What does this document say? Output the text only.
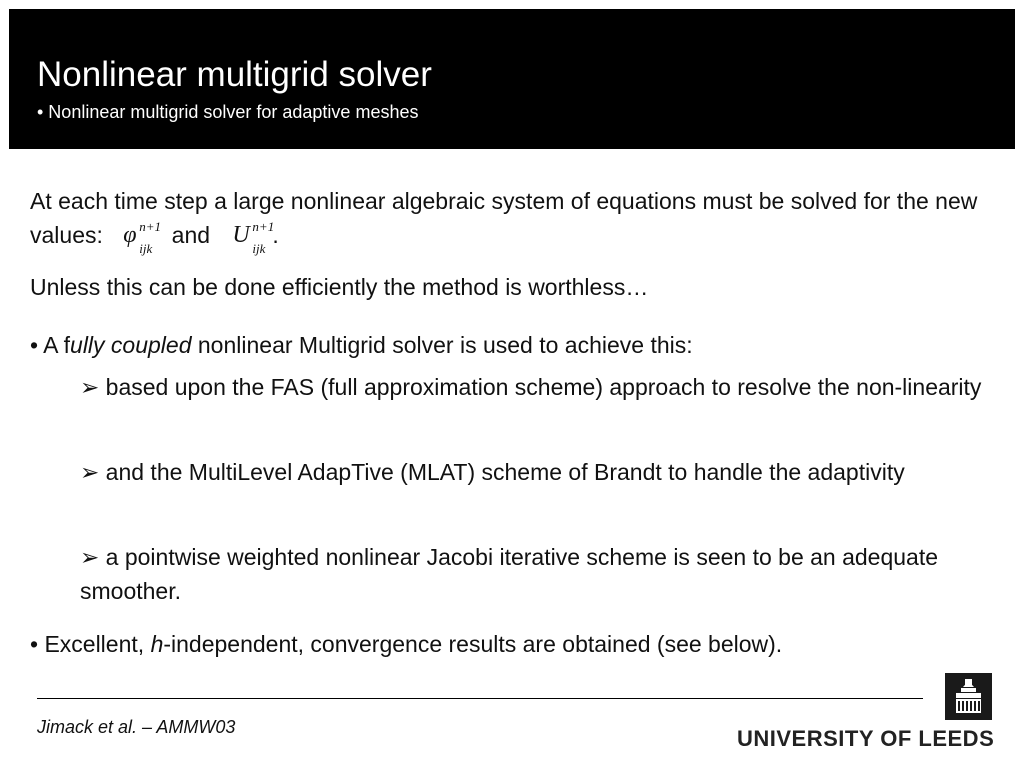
Nonlinear multigrid solver
• Nonlinear multigrid solver for adaptive meshes
At each time step a large nonlinear algebraic system of equations must be solved for the new values: φ n+1
ijk
and U n+1
ijk
.
Unless this can be done efficiently the method is worthless…
• A fully coupled nonlinear Multigrid solver is used to achieve this:
➢ based upon the FAS (full approximation scheme) approach to resolve the non-linearity
➢ and the MultiLevel AdapTive (MLAT) scheme of Brandt to handle the adaptivity
➢ a pointwise weighted nonlinear Jacobi iterative scheme is seen to be an adequate smoother.
• Excellent, h-independent, convergence results are obtained (see below).
Jimack et al. – AMMW03	UNIVERSITY OF LEEDS
